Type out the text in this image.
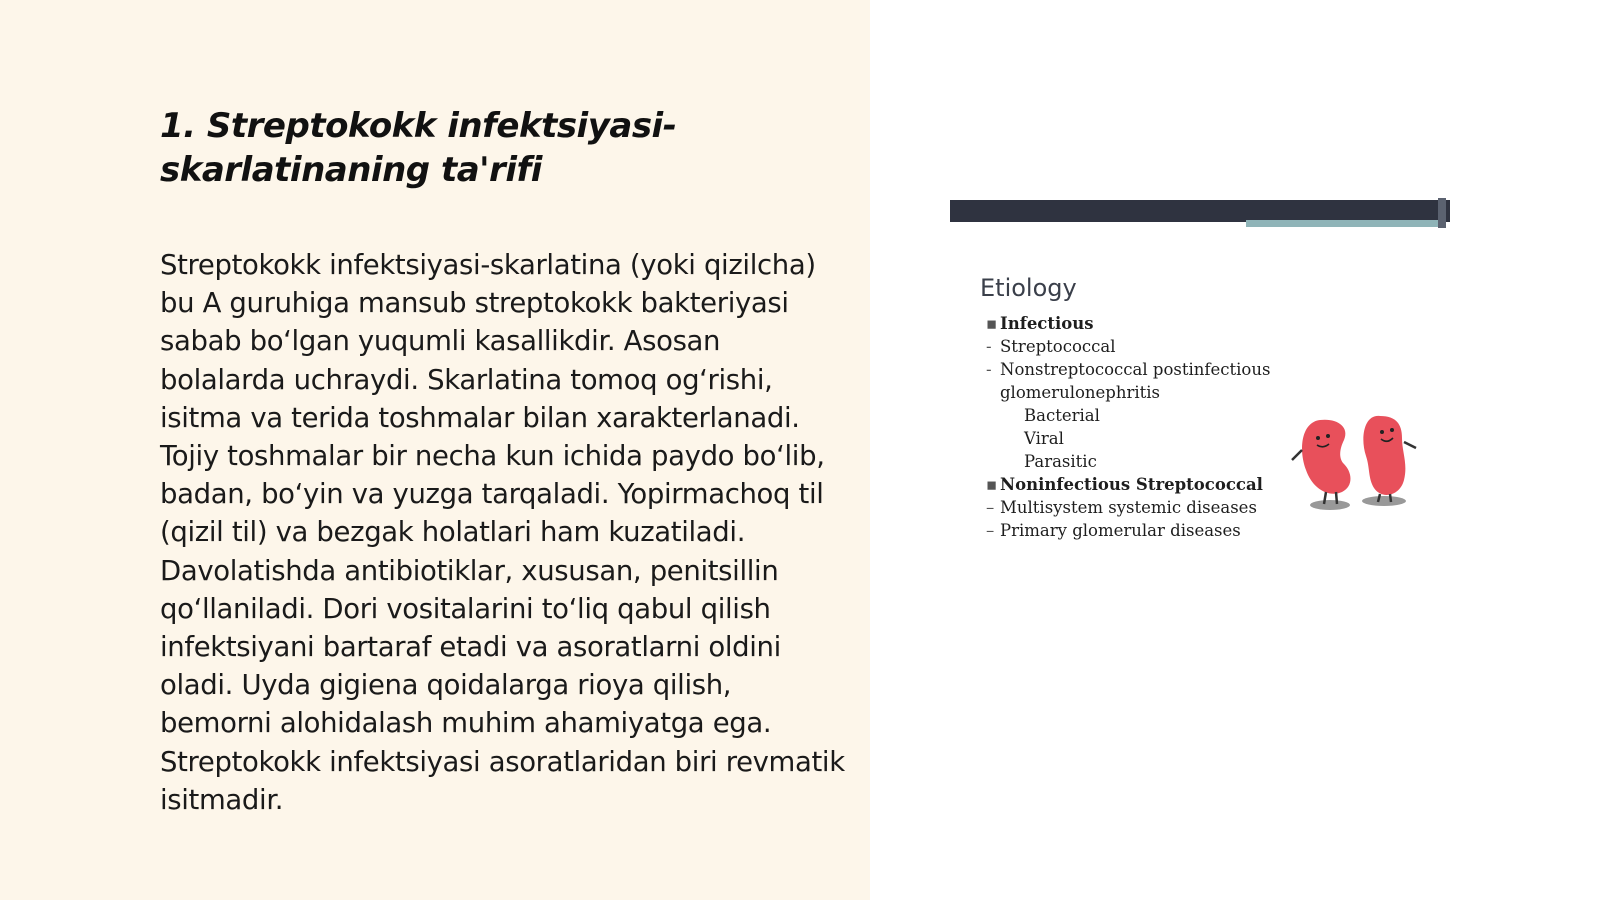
1. Streptokokk infektsiyasi-skarlatinaning ta'rifi

Streptokokk infektsiyasi-skarlatina (yoki qizilcha) bu A guruhiga mansub streptokokk bakteriyasi sabab bo‘lgan yuqumli kasallikdir. Asosan bolalarda uchraydi. Skarlatina tomoq og‘rishi, isitma va terida toshmalar bilan xarakterlanadi. Tojiy toshmalar bir necha kun ichida paydo bo‘lib, badan, bo‘yin va yuzga tarqaladi. Yopirmachoq til (qizil til) va bezgak holatlari ham kuzatiladi. Davolatishda antibiotiklar, xususan, penitsillin qo‘llaniladi. Dori vositalarini to‘liq qabul qilish infektsiyani bartaraf etadi va asoratlarni oldini oladi. Uyda gigiena qoidalarga rioya qilish, bemorni alohidalash muhim ahamiyatga ega. Streptokokk infektsiyasi asoratlaridan biri revmatik isitmadir.

Etiology
▪ Infectious
- Streptococcal
- Nonstreptococcal postinfectious
glomerulonephritis
Bacterial
Viral
Parasitic
▪ Noninfectious Streptococcal
– Multisystem systemic diseases
– Primary glomerular diseases
